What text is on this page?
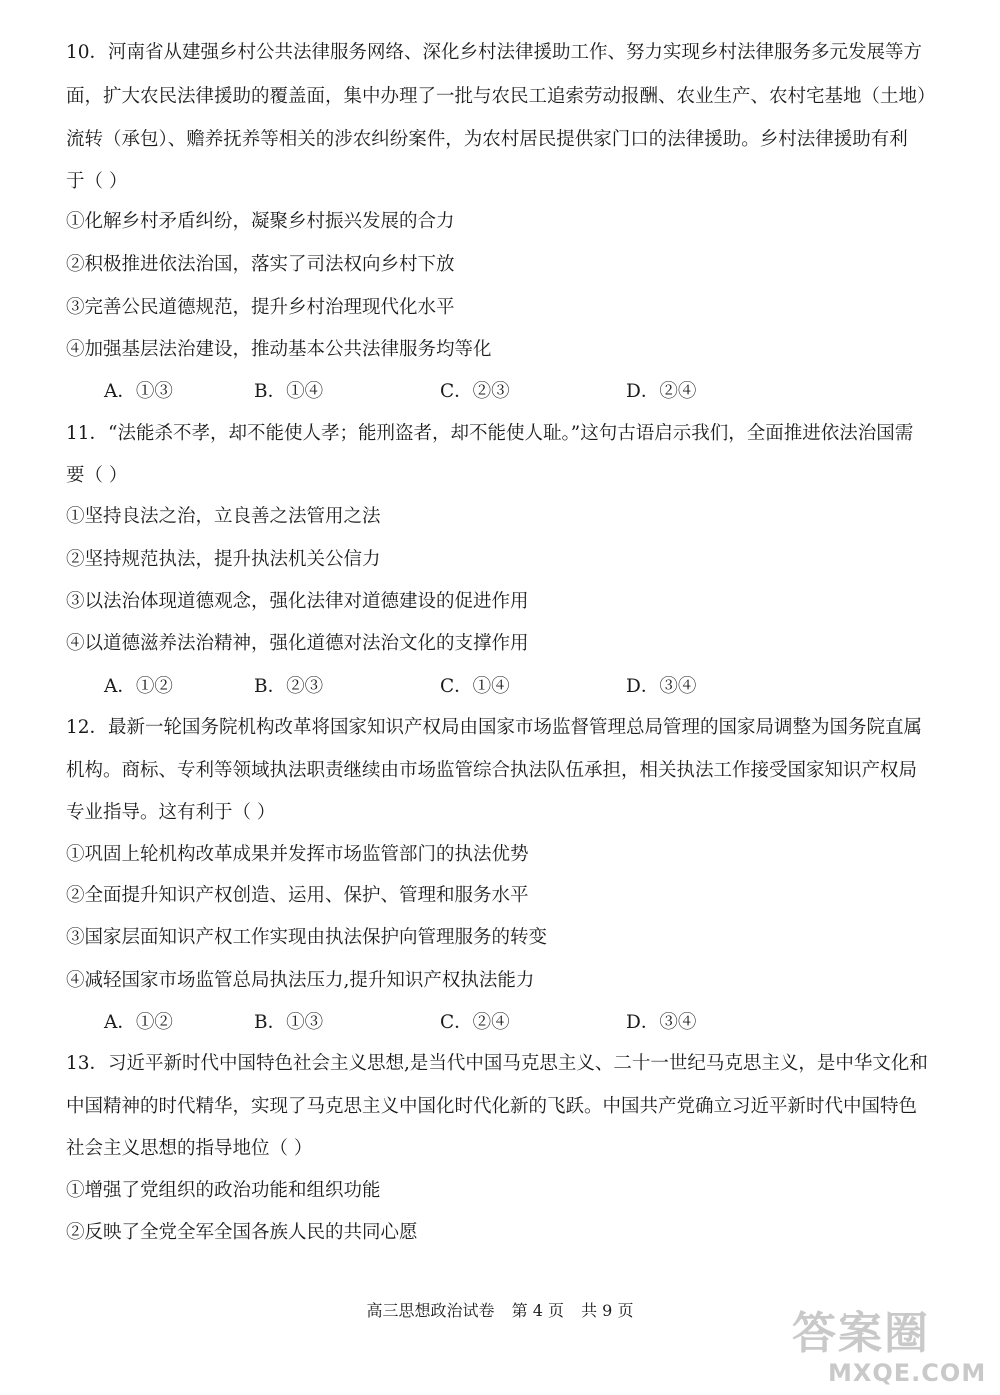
10．河南省从建强乡村公共法律服务网络、深化乡村法律援助工作、努力实现乡村法律服务多元发展等方
面，扩大农民法律援助的覆盖面，集中办理了一批与农民工追索劳动报酬、农业生产、农村宅基地（土地）
流转（承包）、赡养抚养等相关的涉农纠纷案件，为农村居民提供家门口的法律援助。乡村法律援助有利
于（ ）
①化解乡村矛盾纠纷，凝聚乡村振兴发展的合力
②积极推进依法治国，落实了司法权向乡村下放
③完善公民道德规范，提升乡村治理现代化水平
④加强基层法治建设，推动基本公共法律服务均等化
A．①③	B．①④	C．②③	D．②④
11．“法能杀不孝，却不能使人孝；能刑盗者，却不能使人耻。”这句古语启示我们，全面推进依法治国需
要（ ）
①坚持良法之治，立良善之法管用之法
②坚持规范执法，提升执法机关公信力
③以法治体现道德观念，强化法律对道德建设的促进作用
④以道德滋养法治精神，强化道德对法治文化的支撑作用
A．①②	B．②③	C．①④	D．③④
12．最新一轮国务院机构改革将国家知识产权局由国家市场监督管理总局管理的国家局调整为国务院直属
机构。商标、专利等领域执法职责继续由市场监管综合执法队伍承担，相关执法工作接受国家知识产权局
专业指导。这有利于（ ）
①巩固上轮机构改革成果并发挥市场监管部门的执法优势
②全面提升知识产权创造、运用、保护、管理和服务水平
③国家层面知识产权工作实现由执法保护向管理服务的转变
④减轻国家市场监管总局执法压力,提升知识产权执法能力
A．①②	B．①③	C．②④	D．③④
13．习近平新时代中国特色社会主义思想,是当代中国马克思主义、二十一世纪马克思主义，是中华文化和
中国精神的时代精华，实现了马克思主义中国化时代化新的飞跃。中国共产党确立习近平新时代中国特色
社会主义思想的指导地位（ ）
①增强了党组织的政治功能和组织功能
②反映了全党全军全国各族人民的共同心愿
高三思想政治试卷 第 4 页 共 9 页	答案圈
MXQE.COM
